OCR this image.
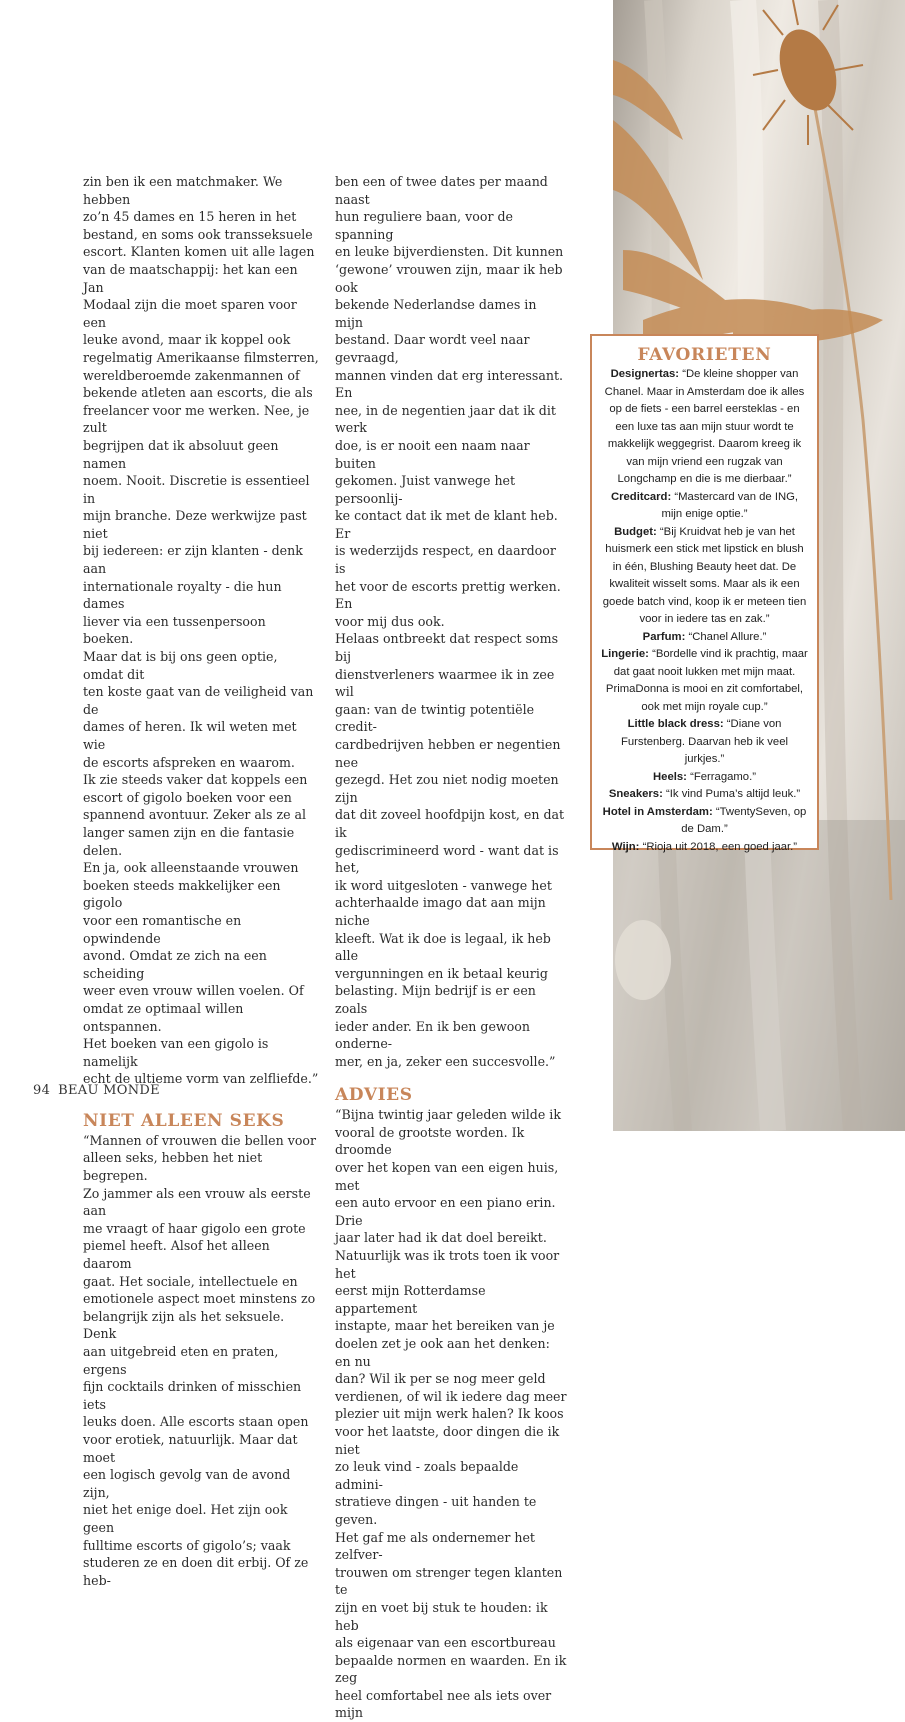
zin ben ik een matchmaker. We hebben
zo’n 45 dames en 15 heren in het
bestand, en soms ook transseksuele
escort. Klanten komen uit alle lagen
van de maatschappij: het kan een Jan
Modaal zijn die moet sparen voor een
leuke avond, maar ik koppel ook
regelmatig Amerikaanse filmsterren,
wereldberoemde zakenmannen of
bekende atleten aan escorts, die als
freelancer voor me werken. Nee, je zult
begrijpen dat ik absoluut geen namen
noem. Nooit. Discretie is essentieel in
mijn branche. Deze werkwijze past niet
bij iedereen: er zijn klanten - denk aan
internationale royalty - die hun dames
liever via een tussenpersoon boeken.
Maar dat is bij ons geen optie, omdat dit
ten koste gaat van de veiligheid van de
dames of heren. Ik wil weten met wie
de escorts afspreken en waarom.
Ik zie steeds vaker dat koppels een
escort of gigolo boeken voor een
spannend avontuur. Zeker als ze al
langer samen zijn en die fantasie delen.
En ja, ook alleenstaande vrouwen
boeken steeds makkelijker een gigolo
voor een romantische en opwindende
avond. Omdat ze zich na een scheiding
weer even vrouw willen voelen. Of
omdat ze optimaal willen ontspannen.
Het boeken van een gigolo is namelijk
echt de ultieme vorm van zelfliefde.”

NIET ALLEEN SEKS

“Mannen of vrouwen die bellen voor
alleen seks, hebben het niet begrepen.
Zo jammer als een vrouw als eerste aan
me vraagt of haar gigolo een grote
piemel heeft. Alsof het alleen daarom
gaat. Het sociale, intellectuele en
emotionele aspect moet minstens zo
belangrijk zijn als het seksuele. Denk
aan uitgebreid eten en praten, ergens
fijn cocktails drinken of misschien iets
leuks doen. Alle escorts staan open
voor erotiek, natuurlijk. Maar dat moet
een logisch gevolg van de avond zijn,
niet het enige doel. Het zijn ook geen
fulltime escorts of gigolo’s; vaak
studeren ze en doen dit erbij. Of ze heb-

ben een of twee dates per maand naast
hun reguliere baan, voor de spanning
en leuke bijverdiensten. Dit kunnen
‘gewone’ vrouwen zijn, maar ik heb ook
bekende Nederlandse dames in mijn
bestand. Daar wordt veel naar gevraagd,
mannen vinden dat erg interessant. En
nee, in de negentien jaar dat ik dit werk
doe, is er nooit een naam naar buiten
gekomen. Juist vanwege het persoonlij-
ke contact dat ik met de klant heb. Er
is wederzijds respect, en daardoor is
het voor de escorts prettig werken. En
voor mij dus ook.
Helaas ontbreekt dat respect soms bij
dienstverleners waarmee ik in zee wil
gaan: van de twintig potentiële credit-
cardbedrijven hebben er negentien nee
gezegd. Het zou niet nodig moeten zijn
dat dit zoveel hoofdpijn kost, en dat ik
gediscrimineerd word - want dat is het,
ik word uitgesloten - vanwege het
achterhaalde imago dat aan mijn niche
kleeft. Wat ik doe is legaal, ik heb alle
vergunningen en ik betaal keurig
belasting. Mijn bedrijf is er een zoals
ieder ander. En ik ben gewoon onderne-
mer, en ja, zeker een succesvolle.”

ADVIES

“Bijna twintig jaar geleden wilde ik
vooral de grootste worden. Ik droomde
over het kopen van een eigen huis, met
een auto ervoor en een piano erin. Drie
jaar later had ik dat doel bereikt.
Natuurlijk was ik trots toen ik voor het
eerst mijn Rotterdamse appartement
instapte, maar het bereiken van je
doelen zet je ook aan het denken: en nu
dan? Wil ik per se nog meer geld
verdienen, of wil ik iedere dag meer
plezier uit mijn werk halen? Ik koos
voor het laatste, door dingen die ik niet
zo leuk vind - zoals bepaalde admini-
stratieve dingen - uit handen te geven.
Het gaf me als ondernemer het zelfver-
trouwen om strenger tegen klanten te
zijn en voet bij stuk te houden: ik heb
als eigenaar van een escortbureau
bepaalde normen en waarden. En ik zeg
heel comfortabel nee als iets over mijn

FAVORIETEN

Designertas: “De kleine shopper van Chanel. Maar in Amsterdam doe ik alles op de fiets - een barrel eersteklas - en een luxe tas aan mijn stuur wordt te makkelijk weggegrist. Daarom kreeg ik van mijn vriend een rugzak van Longchamp en die is me dierbaar.”

Creditcard: “Mastercard van de ING, mijn enige optie.”

Budget: “Bij Kruidvat heb je van het huismerk een stick met lipstick en blush in één, Blushing Beauty heet dat. De kwaliteit wisselt soms. Maar als ik een goede batch vind, koop ik er meteen tien voor in iedere tas en zak.”

Parfum: “Chanel Allure.”

Lingerie: “Bordelle vind ik prachtig, maar dat gaat nooit lukken met mijn maat. PrimaDonna is mooi en zit comfortabel, ook met mijn royale cup.”

Little black dress: “Diane von Furstenberg. Daarvan heb ik veel jurkjes.”

Heels: “Ferragamo.”

Sneakers: “Ik vind Puma’s altijd leuk.”

Hotel in Amsterdam: “TwentySeven, op de Dam.”

Wijn: “Rioja uit 2018, een goed jaar.”

94 BEAU MONDE
